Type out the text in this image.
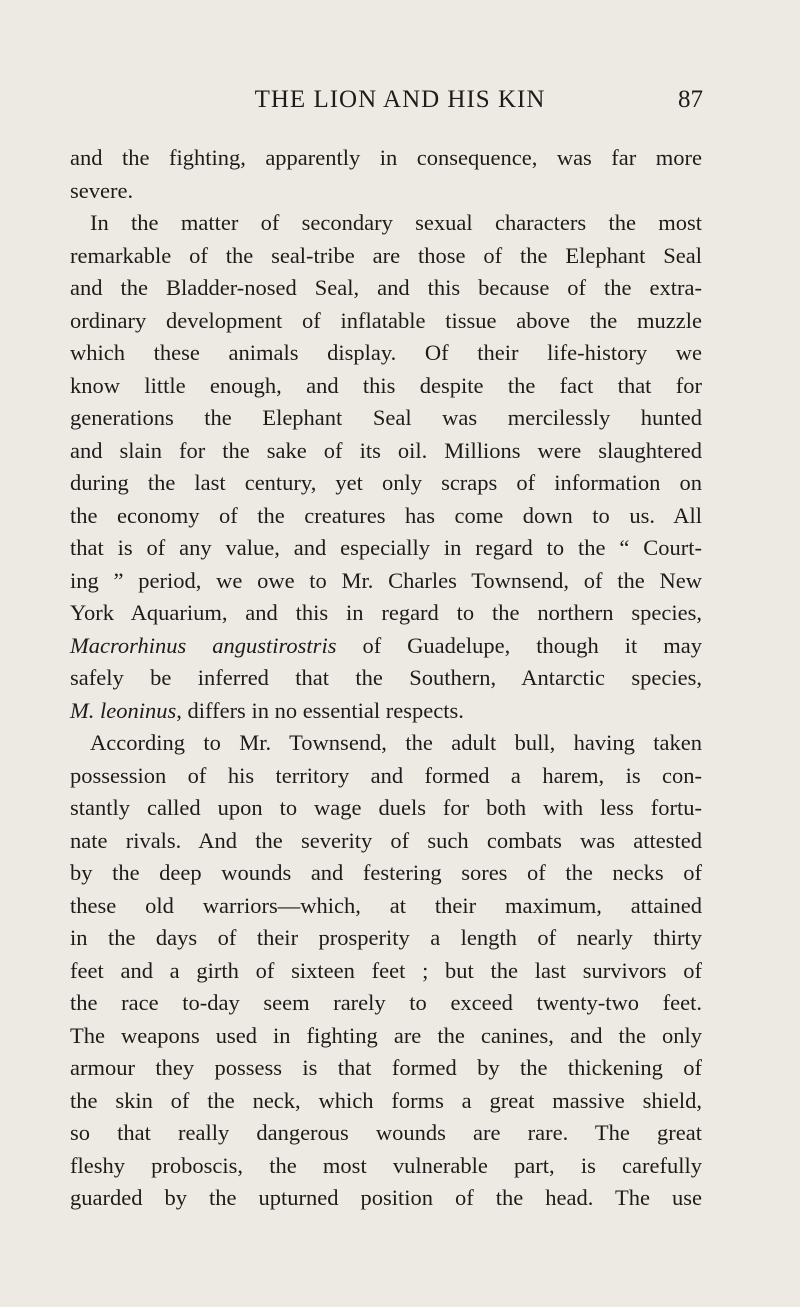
THE LION AND HIS KIN	87
and the fighting, apparently in consequence, was far more
severe.
In the matter of secondary sexual characters the most
remarkable of the seal-tribe are those of the Elephant Seal
and the Bladder-nosed Seal, and this because of the extra-
ordinary development of inflatable tissue above the muzzle
which these animals display. Of their life-history we
know little enough, and this despite the fact that for
generations the Elephant Seal was mercilessly hunted
and slain for the sake of its oil. Millions were slaughtered
during the last century, yet only scraps of information on
the economy of the creatures has come down to us. All
that is of any value, and especially in regard to the “ Court-
ing ” period, we owe to Mr. Charles Townsend, of the New
York Aquarium, and this in regard to the northern species,
Macrorhinus angustirostris of Guadelupe, though it may
safely be inferred that the Southern, Antarctic species,
M. leoninus, differs in no essential respects.
According to Mr. Townsend, the adult bull, having taken
possession of his territory and formed a harem, is con-
stantly called upon to wage duels for both with less fortu-
nate rivals. And the severity of such combats was attested
by the deep wounds and festering sores of the necks of
these old warriors—which, at their maximum, attained
in the days of their prosperity a length of nearly thirty
feet and a girth of sixteen feet ; but the last survivors of
the race to-day seem rarely to exceed twenty-two feet.
The weapons used in fighting are the canines, and the only
armour they possess is that formed by the thickening of
the skin of the neck, which forms a great massive shield,
so that really dangerous wounds are rare. The great
fleshy proboscis, the most vulnerable part, is carefully
guarded by the upturned position of the head. The use
